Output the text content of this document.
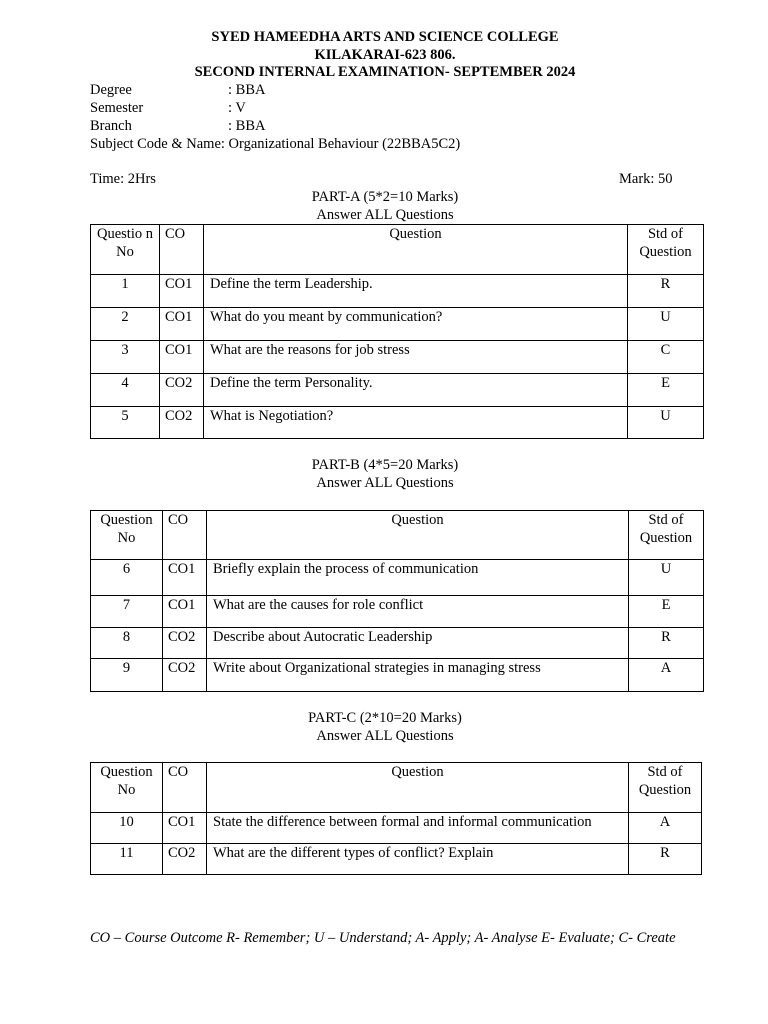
SYED HAMEEDHA ARTS AND SCIENCE COLLEGE
KILAKARAI-623 806.
SECOND INTERNAL EXAMINATION- SEPTEMBER 2024
Degree	: BBA
Semester	: V
Branch	: BBA
Subject Code & Name: Organizational Behaviour (22BBA5C2)
Time: 2Hrs	Mark: 50
PART-A (5*2=10 Marks)
Answer ALL Questions
Questio n No	CO	Question	Std of Question
1	CO1	Define the term Leadership.	R
2	CO1	What do you meant by communication?	U
3	CO1	What are the reasons for job stress	C
4	CO2	Define the term Personality.	E
5	CO2	What is Negotiation?	U
PART-B (4*5=20 Marks)
Answer ALL Questions
Question No	CO	Question	Std of Question
6	CO1	Briefly explain the process of communication	U
7	CO1	What are the causes for role conflict	E
8	CO2	Describe about Autocratic Leadership	R
9	CO2	Write about Organizational strategies in managing stress	A
PART-C (2*10=20 Marks)
Answer ALL Questions
Question No	CO	Question	Std of Question
10	CO1	State the difference between formal and informal communication	A
11	CO2	What are the different types of conflict? Explain	R
CO – Course Outcome R- Remember; U – Understand; A- Apply; A- Analyse E- Evaluate; C- Create
